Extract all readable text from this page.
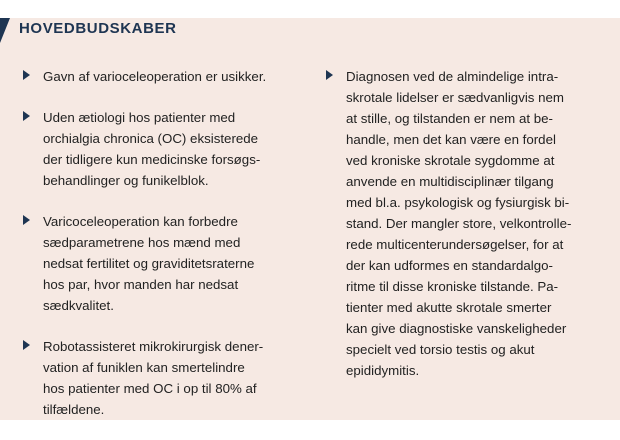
HOVEDBUDSKABER
Gavn af varioceleoperation er usikker.
Uden ætiologi hos patienter med
orchialgia chronica (OC) eksisterede
der tidligere kun medicinske forsøgs-
behandlinger og funikelblok.
Varicoceleoperation kan forbedre
sædparametrene hos mænd med
nedsat fertilitet og graviditetsraterne
hos par, hvor manden har nedsat
sædkvalitet.
Robotassisteret mikrokirurgisk dener-
vation af funiklen kan smertelindre
hos patienter med OC i op til 80% af
tilfældene.
Diagnosen ved de almindelige intra-
skrotale lidelser er sædvanligvis nem
at stille, og tilstanden er nem at be-
handle, men det kan være en fordel
ved kroniske skrotale sygdomme at
anvende en multidisciplinær tilgang
med bl.a. psykologisk og fysiurgisk bi-
stand. Der mangler store, velkontrolle-
rede multicenterundersøgelser, for at
der kan udformes en standardalgo-
ritme til disse kroniske tilstande. Pa-
tienter med akutte skrotale smerter
kan give diagnostiske vanskeligheder
specielt ved torsio testis og akut
epididymitis.
